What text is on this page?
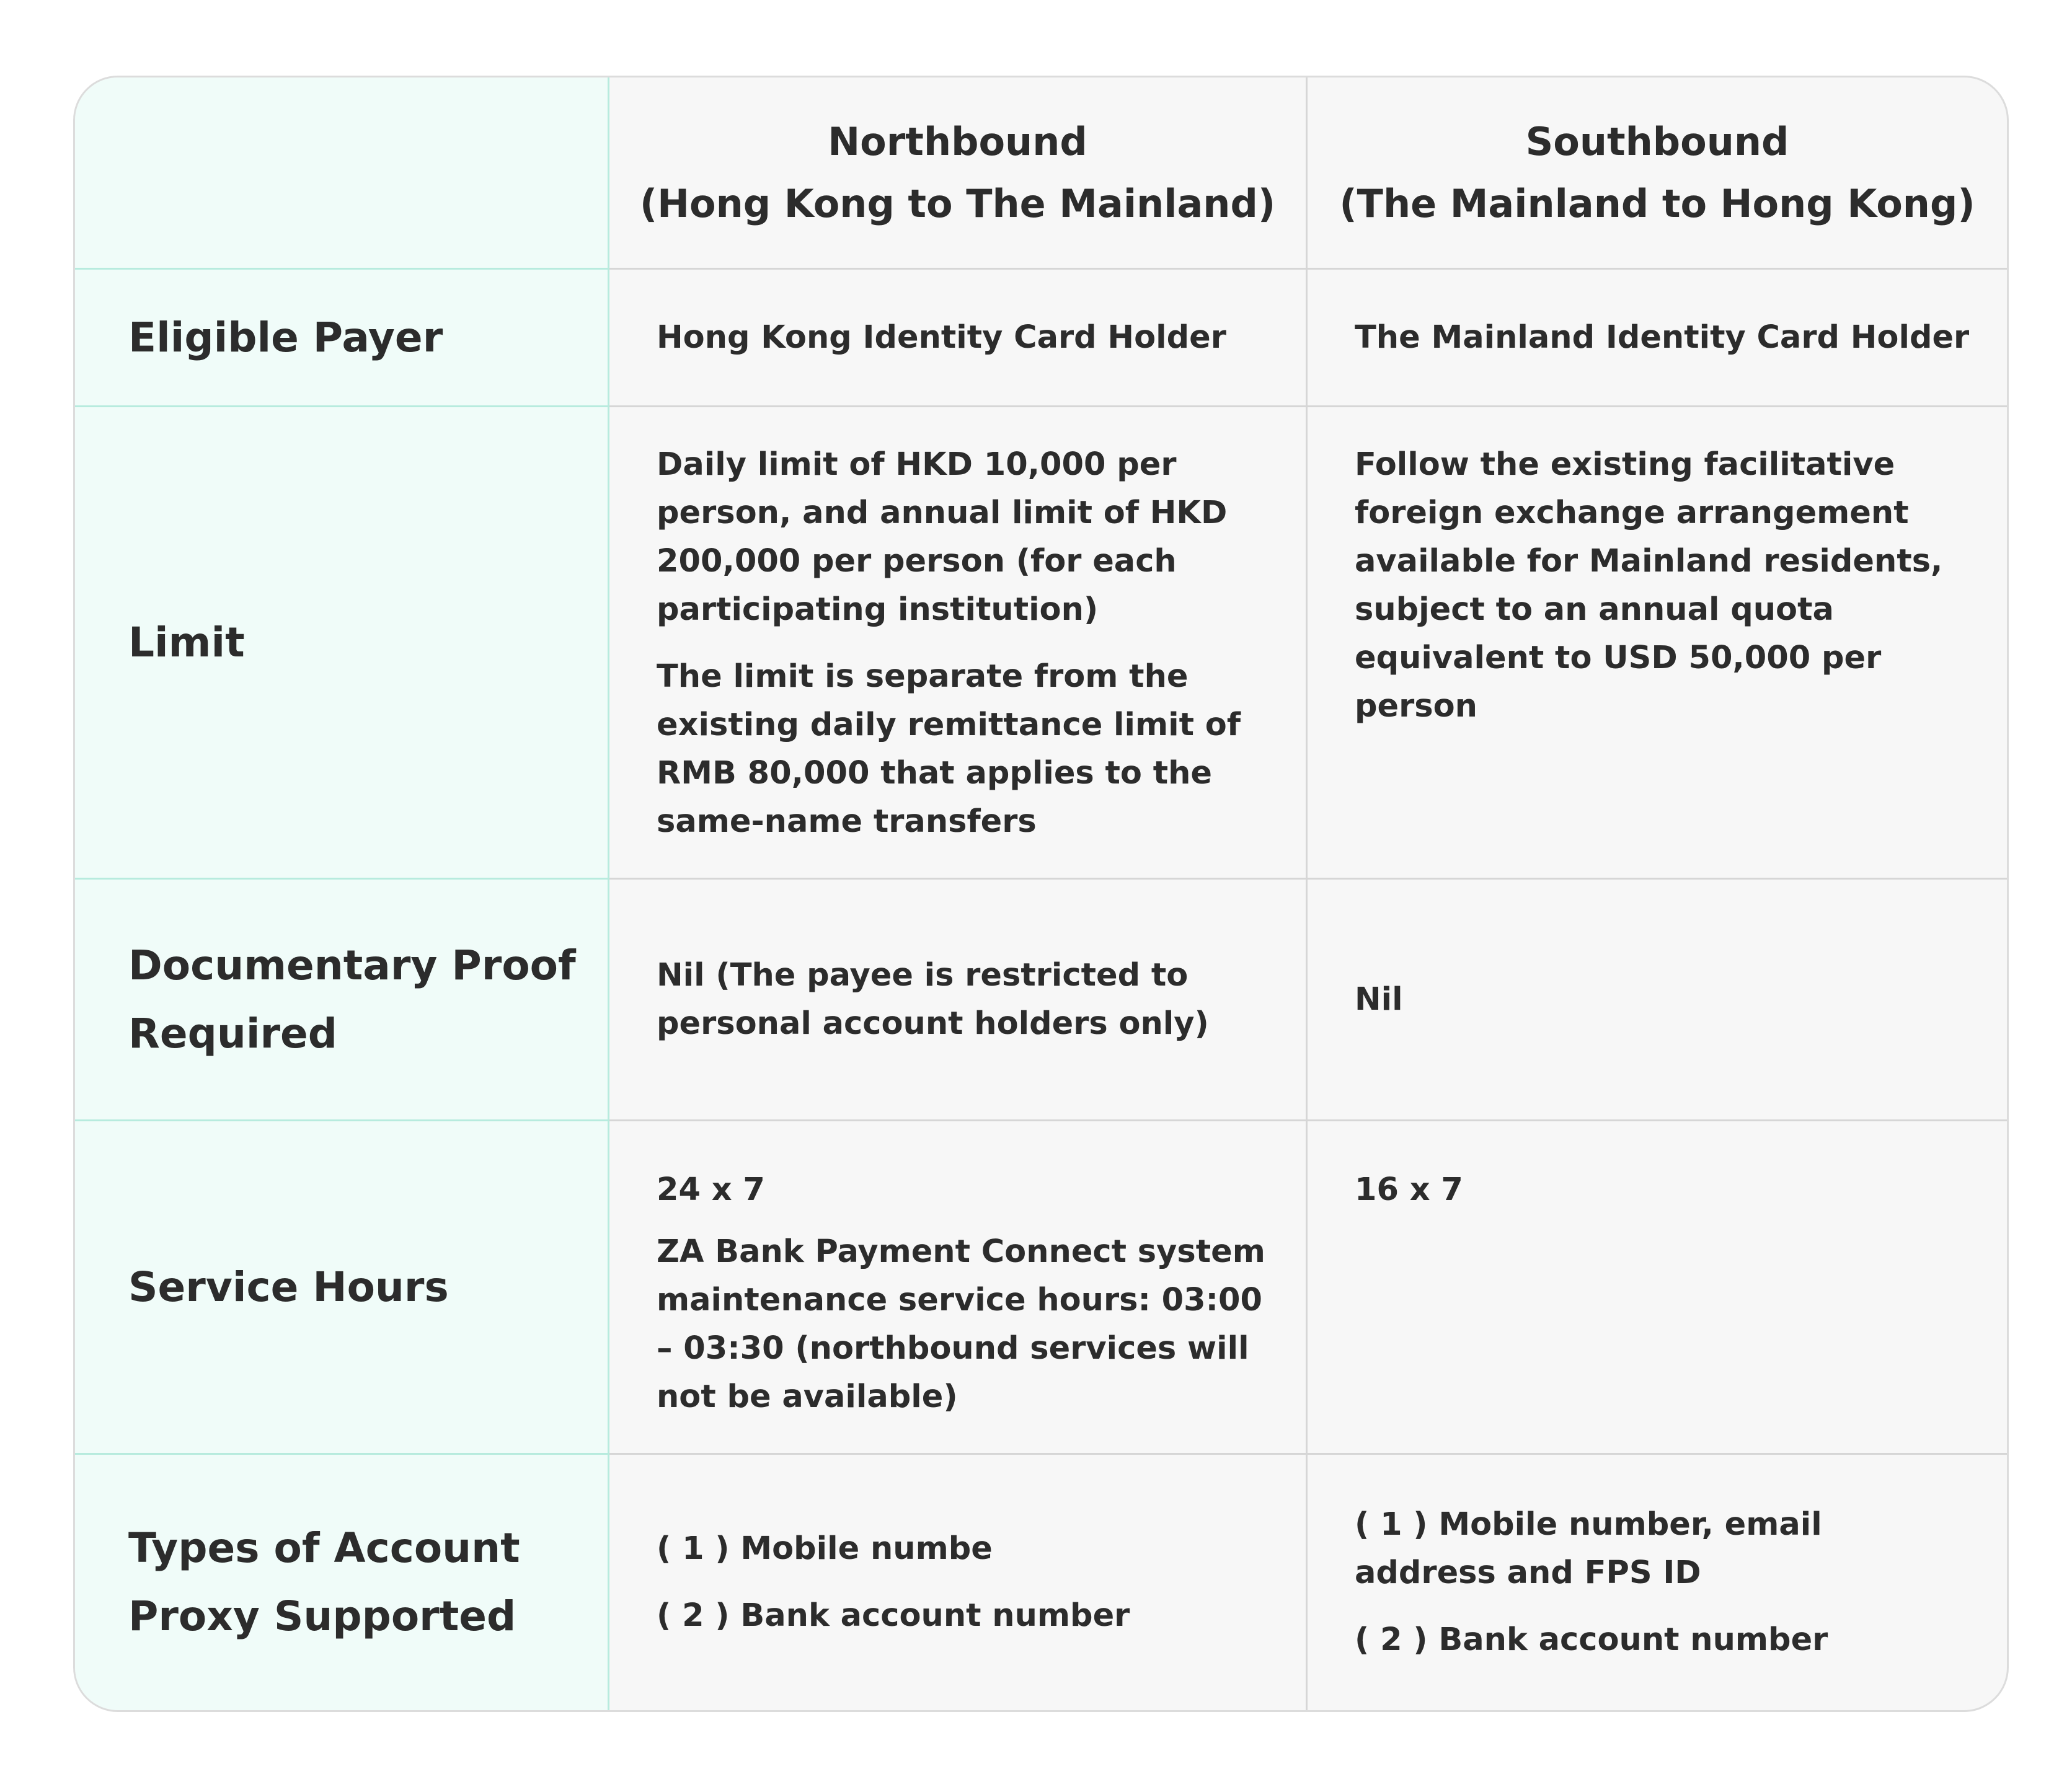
Northbound
(Hong Kong to The Mainland)
Southbound
(The Mainland to Hong Kong)
Eligible Payer	Hong Kong Identity Card Holder	The Mainland Identity Card Holder

Limit

Daily limit of HKD 10,000 per person, and annual limit of HKD 200,000 per person (for each participating institution)

The limit is separate from the existing daily remittance limit of RMB 80,000 that applies to the same-name transfers

Follow the existing facilitative foreign exchange arrangement available for Mainland residents, subject to an annual quota equivalent to USD 50,000 per person

Documentary Proof Required

Nil (The payee is restricted to personal account holders only)

Nil

Service Hours

24 x 7

ZA Bank Payment Connect system maintenance service hours: 03:00 – 03:30 (northbound services will not be available)

16 x 7

Types of Account Proxy Supported

( 1 ) Mobile numbe

( 2 ) Bank account number

( 1 ) Mobile number, email address and FPS ID

( 2 ) Bank account number
